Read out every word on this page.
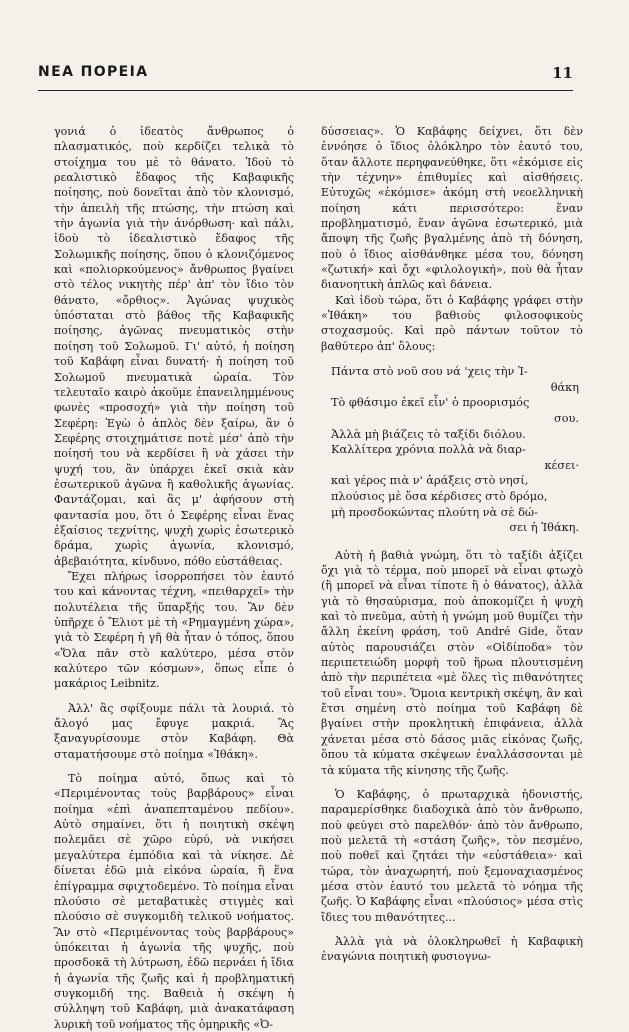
ΝΕΑ ΠΟΡΕΙΑ	11

γονιά ὁ ἰδεατὸς ἄνθρωπος ὁ πλασματικός, ποὺ κερδίζει τελικὰ τὸ στοίχημα του μὲ τὸ θάνατο. Ἰδοὺ τὸ ρεαλιστικὸ ἔδαφος τῆς Καβαφικῆς ποίησης, ποὺ δονεῖται ἀπὸ τὸν κλονισμό, τὴν ἀπειλὴ τῆς πτώσης, τὴν πτώση καὶ τὴν ἀγωνία γιὰ τὴν ἀνόρθωση· καὶ πάλι, ἰδοὺ τὸ ἰδεαλιστικὸ ἔδαφος τῆς Σολωμικῆς ποίησης, ὅπου ὁ κλονιζόμενος καὶ «πολιορκούμενος» ἄνθρωπος βγαίνει στὸ τέλος νικητὴς πέρ' ἀπ' τὸν ἴδιο τὸν θάνατο, «ὄρθιος». Ἀγώνας ψυχικὸς ὑπόσταται στὸ βάθος τῆς Καβαφικῆς ποίησης, ἀγῶνας πνευματικὸς στὴν ποίηση τοῦ Σολωμοῦ. Γι' αὐτό, ἡ ποίηση τοῦ Καβάφη εἶναι δυνατή· ἡ ποίηση τοῦ Σολωμοῦ πνευματικὰ ὡραία. Τὸν τελευταῖο καιρὸ ἀκοῦμε ἐπανειλημμένους φωνὲς «προσοχή» γιὰ τὴν ποίηση τοῦ Σεφέρη: Ἐγὼ ὁ ἁπλὸς δὲν ξαίρω, ἂν ὁ Σεφέρης στοιχημάτισε ποτὲ μέσ' ἀπὸ τὴν ποίησή του νὰ κερδίσει ἢ νὰ χάσει τὴν ψυχή του, ἂν ὑπάρχει ἐκεῖ σκιὰ κὰν ἐσωτερικοῦ ἀγῶνα ἢ καθολικῆς ἀγωνίας. Φαντάζομαι, καὶ ἂς μ' ἀφήσουν στὴ φαντασία μου, ὅτι ὁ Σεφέρης εἶναι ἕνας ἐξαίσιος τεχνίτης, ψυχὴ χωρὶς ἐσωτερικὸ δράμα, χωρὶς ἀγωνία, κλονισμό, ἀβεβαιότητα, κίνδυνο, πόθο εὐστάθειας.

Ἔχει πλήρως ἰσορροπήσει τὸν ἑαυτό του καὶ κάνοντας τέχνη, «πειθαρχεῖ» τὴν πολυτέλεια τῆς ὕπαρξής του. Ἂν δὲν ὑπῆρχε ὁ Ἔλιοτ μὲ τὴ «Ρημαγμένη χώρα», γιὰ τὸ Σεφέρη ἡ γῆ θὰ ἦταν ὁ τόπος, ὅπου «Ὅλα πᾶν στὸ καλύτερο, μέσα στὸν καλύτερο τῶν κόσμων», ὅπως εἶπε ὁ μακάριος Leibnitz.

Ἀλλ' ἂς σφίξουμε πάλι τὰ λουριά. τὸ ἄλογό μας ἔφυγε μακριά. Ἂς ξαναγυρίσουμε στὸν Καβάφη. Θὰ σταματήσουμε στὸ ποίημα «Ἰθάκη».

Τὸ ποίημα αὐτό, ὅπως καὶ τὸ «Περιμένοντας τοὺς βαρβάρους» εἶναι ποίημα «ἐπὶ ἀναπεπταμένου πεδίου». Αὐτὸ σημαίνει, ὅτι ἡ ποιητικὴ σκέψη πολεμᾶει σὲ χῶρο εὐρύ, νὰ νικήσει μεγαλύτερα ἐμπόδια καὶ τὰ νίκησε. Δὲ δίνεται ἐδῶ μιὰ εἰκόνα ὡραία, ἢ ἕνα ἐπίγραμμα σφιχτοδεμένο. Τὸ ποίημα εἶναι πλούσιο σὲ μεταβατικὲς στιγμὲς καὶ πλούσιο σὲ συγκομιδὴ τελικοῦ νοήματος. Ἂν στὸ «Περιμένοντας τοὺς βαρβάρους» ὑπόκειται ἡ ἀγωνία τῆς ψυχῆς, ποὺ προσδοκᾶ τὴ λύτρωση, ἐδῶ περνάει ἡ ἴδια ἡ ἀγωνία τῆς ζωῆς καὶ ἡ προβληματική συγκομιδή της. Βαθειὰ ἡ σκέψη ἡ σύλληψη τοῦ Καβάφη, μιὰ ἀνακατάφαση λυρικὴ τοῦ νοήματος τῆς ὁμηρικῆς «Ὀ-

δύσσειας». Ὁ Καβάφης δείχνει, ὅτι δὲν ἐννόησε ὁ ἴδιος ὁλόκληρο τὸν ἑαυτό του, ὅταν ἄλλοτε περηφανεύθηκε, ὅτι «ἐκόμισε εἰς τὴν τέχνην» ἐπιθυμίες καὶ αἰσθήσεις. Εὐτυχῶς «ἐκόμισε» ἀκόμη στὴ νεοελληνικὴ ποίηση κάτι περισσότερο: ἕναν προβληματισμό, ἕναν ἀγῶνα ἐσωτερικό, μιὰ ἄποψη τῆς ζωῆς βγαλμένης ἀπὸ τὴ δόνηση, ποὺ ὁ ἴδιος αἰσθάνθηκε μέσα του, δόνηση «ζωτική» καὶ ὄχι «φιλολογική», ποὺ θὰ ἦταν διανοητικὴ ἁπλῶς καὶ δάνεια.

Καὶ ἰδοὺ τώρα, ὅτι ὁ Καβάφης γράφει στὴν «Ἰθάκη» του βαθιοὺς φιλοσοφικοὺς στοχασμούς. Καὶ πρὸ πάντων τοῦτον τὸ βαθύτερο ἀπ' ὅλους:

Πάντα στὸ νοῦ σου νά 'χεις τὴν Ἰ-
θάκη
Τὸ φθάσιμο ἐκεῖ εἶν' ὁ προορισμός
σου.
Ἀλλὰ μὴ βιάζεις τὸ ταξίδι διόλου.
Καλλίτερα χρόνια πολλὰ νὰ διαρ-
κέσει·
καὶ γέρος πιὰ ν' ἀράξεις στὸ νησί,
πλούσιος μὲ ὅσα κέρδισες στὸ δρόμο,
μὴ προσδοκώντας πλούτη νὰ σὲ δώ-
σει ἡ Ἰθάκη.

Αὐτὴ ἡ βαθιὰ γνώμη, ὅτι τὸ ταξίδι ἀξίζει ὄχι γιὰ τὸ τέρμα, ποὺ μπορεῖ νὰ εἶναι φτωχὸ (ἢ μπορεῖ νὰ εἶναι τίποτε ἢ ὁ θάνατος), ἀλλὰ γιὰ τὸ θησαύρισμα, ποὺ ἀποκομίζει ἡ ψυχὴ καὶ τὸ πνεῦμα, αὐτὴ ἡ γνώμη μοῦ θυμίζει τὴν ἄλλη ἐκείνη φράση, τοῦ André Gide, ὅταν αὐτὸς παρουσιάζει στὸν «Οἰδίποδα» τὸν περιπετειώδη μορφὴ τοῦ ἥρωα πλουτισμένη ἀπὸ τὴν περιπέτεια «μὲ ὅλες τὶς πιθανότητες τοῦ εἶναι του». Ὅμοια κεντρικὴ σκέψη, ἂν καὶ ἔτσι σημένη στὸ ποίημα τοῦ Καβάφη δὲ βγαίνει στὴν προκλητικὴ ἐπιφάνεια, ἀλλὰ χάνεται μέσα στὸ δάσος μιᾶς εἰκόνας ζωῆς, ὅπου τὰ κύματα σκέψεων ἐναλλάσσονται μὲ τὰ κύματα τῆς κίνησης τῆς ζωῆς.

Ὁ Καβάφης, ὁ πρωταρχικὰ ἡδονιστής, παραμερίσθηκε διαδοχικὰ ἀπὸ τὸν ἄνθρωπο, ποὺ φεύγει στὸ παρελθόν· ἀπὸ τὸν ἄνθρωπο, ποὺ μελετᾶ τὴ «στάση ζωῆς», τὸν πεσμένο, ποὺ ποθεῖ καὶ ζητάει τὴν «εὐστάθεια»· καὶ τώρα, τὸν ἀναχωρητή, ποὺ ξεμοναχιασμένος μέσα στὸν ἑαυτό του μελετᾶ τὸ νόημα τῆς ζωῆς. Ὁ Καβάφης εἶναι «πλούσιος» μέσα στὶς ἴδιες του πιθανότητες...

Ἀλλὰ γιὰ νὰ ὁλοκληρωθεῖ ἡ Καβαφικὴ ἐναγώνια ποιητικὴ φυσιογνω-
